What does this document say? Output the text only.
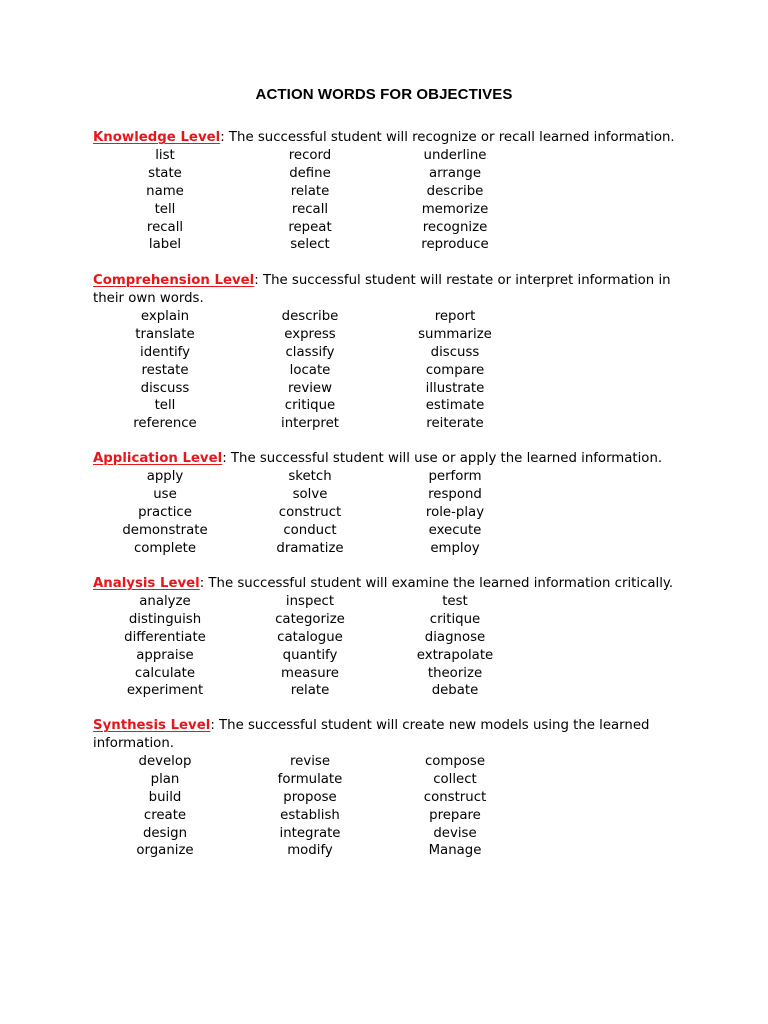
ACTION WORDS FOR OBJECTIVES

Knowledge Level: The successful student will recognize or recall learned information.

list	record	underline
state	define	arrange
name	relate	describe
tell	recall	memorize
recall	repeat	recognize
label	select	reproduce

Comprehension Level: The successful student will restate or interpret information in their own words.

explain	describe	report
translate	express	summarize
identify	classify	discuss
restate	locate	compare
discuss	review	illustrate
tell	critique	estimate
reference	interpret	reiterate

Application Level: The successful student will use or apply the learned information.

apply	sketch	perform
use	solve	respond
practice	construct	role-play
demonstrate	conduct	execute
complete	dramatize	employ

Analysis Level: The successful student will examine the learned information critically.

analyze	inspect	test
distinguish	categorize	critique
differentiate	catalogue	diagnose
appraise	quantify	extrapolate
calculate	measure	theorize
experiment	relate	debate

Synthesis Level: The successful student will create new models using the learned information.

develop	revise	compose
plan	formulate	collect
build	propose	construct
create	establish	prepare
design	integrate	devise
organize	modify	Manage
